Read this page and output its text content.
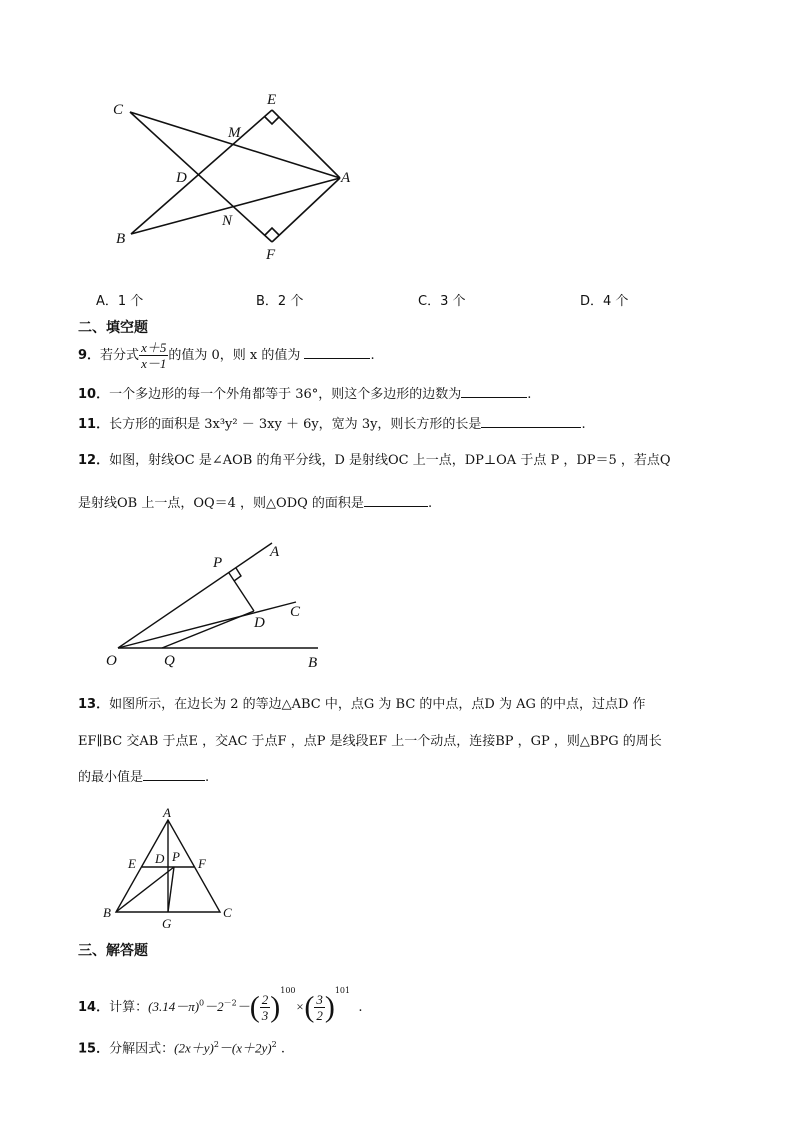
C
E
M
D	A
N
B
F
A．1 个	B．2 个	C．3 个	D．4 个
二、填空题
9．若分式 $\frac{x+5}{x-1}$ 的值为 0，则 x 的值为	.
10．一个多边形的每一个外角都等于 36°，则这个多边形的边数为	.
11．长方形的面积是 3x³y² － 3xy ＋ 6y，宽为 3y，则长方形的长是	.
12．如图，射线OC 是∠AOB 的角平分线，D 是射线OC 上一点，DP⊥OA 于点 P ，DP＝5 ，若点Q
是射线OB 上一点，OQ＝4 ，则△ODQ 的面积是	.
P
A
C
D
O	Q	B
13．如图所示，在边长为 2 的等边△ABC 中，点G 为 BC 的中点，点D 为 AG 的中点，过点D 作
EF∥BC 交AB 于点E ，交AC 于点F ，点P 是线段EF 上一个动点，连接BP ，GP ，则△BPG 的周长
的最小值是	.
A
E D P F
B
G
C
三、解答题
14．计算：$(3.14-\pi)^0-2^{-2}-( \frac{2}{3} )^{100}\times( \frac{3}{2} )^{101}$  .
15．分解因式：$(2x+y)^2-(x+2y)^2$ .
